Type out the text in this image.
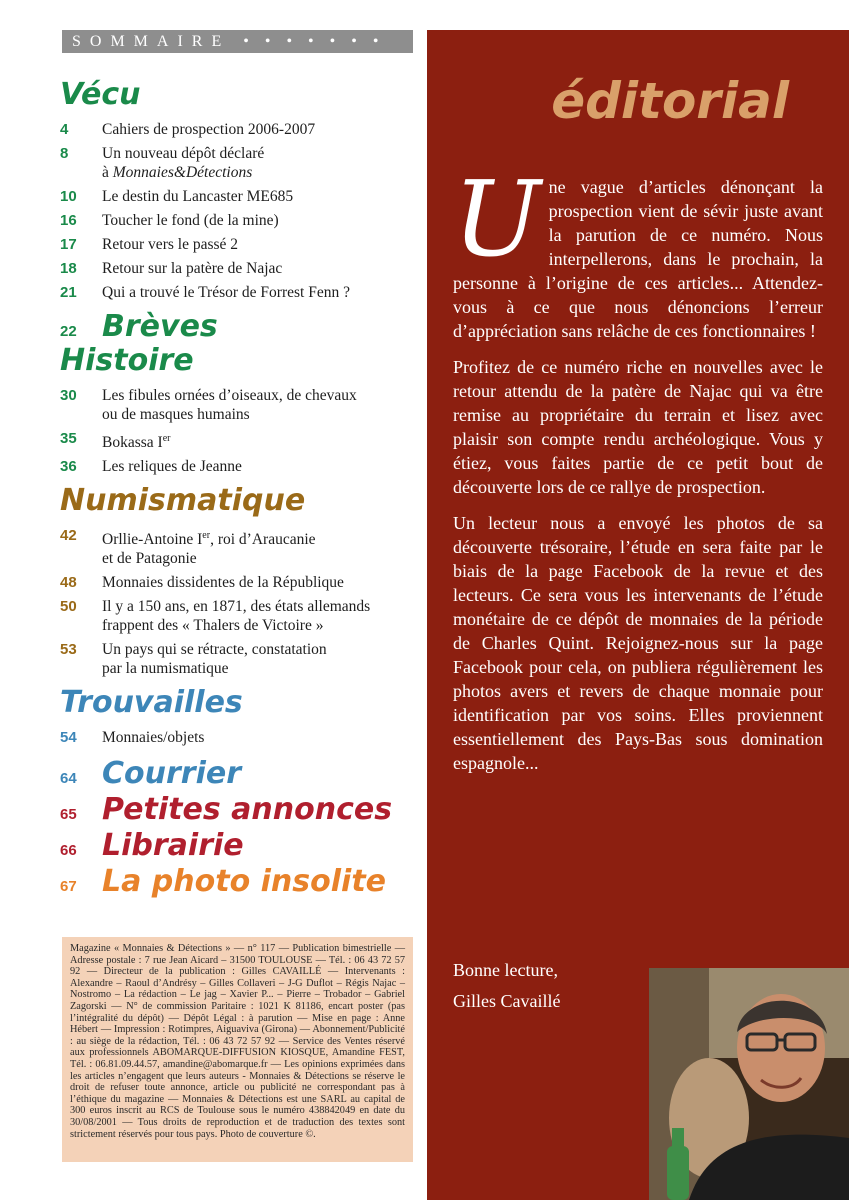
SOMMAIRE • • • • • • •
Vécu
4	Cahiers de prospection 2006-2007
8	Un nouveau dépôt déclaré
à Monnaies&Détections
10	Le destin du Lancaster ME685
16	Toucher le fond (de la mine)
17	Retour vers le passé 2
18	Retour sur la patère de Najac
21	Qui a trouvé le Trésor de Forrest Fenn ?
22 Brèves
Histoire
30	Les fibules ornées d’oiseaux, de chevaux
ou de masques humains
35	Bokassa Ier
36	Les reliques de Jeanne
Numismatique
42	Orllie-Antoine Ier, roi d’Araucanie
et de Patagonie
48	Monnaies dissidentes de la République
50	Il y a 150 ans, en 1871, des états allemands
frappent des « Thalers de Victoire »
53	Un pays qui se rétracte, constatation
par la numismatique
Trouvailles
54	Monnaies/objets
64 Courrier
65 Petites annonces
66 Librairie
67 La photo insolite
Magazine « Monnaies & Détections » — n° 117 — Publication bimestrielle — Adresse postale : 7 rue Jean Aicard – 31500 TOULOUSE — Tél. : 06 43 72 57 92 — Directeur de la publication : Gilles CAVAILLÉ — Intervenants : Alexandre – Raoul d’Andrésy – Gilles Collaveri – J-G Duflot – Régis Najac – Nostromo – La rédaction – Le jag – Xavier P... – Pierre – Trobador – Gabriel Zagorski — N° de commission Paritaire : 1021 K 81186, encart poster (pas l’intégralité du dépôt) — Dépôt Légal : à parution — Mise en page : Anne Hébert — Impression : Rotimpres, Aiguaviva (Girona) — Abonnement/Publicité : au siège de la rédaction, Tél. : 06 43 72 57 92 — Service des Ventes réservé aux professionnels ABOMARQUE-DIFFUSION KIOSQUE, Amandine FEST, Tél. : 06.81.09.44.57, amandine@abomarque.fr — Les opinions exprimées dans les articles n’engagent que leurs auteurs - Monnaies & Détections se réserve le droit de refuser toute annonce, article ou publicité ne correspondant pas à l’éthique du magazine — Monnaies & Détections est une SARL au capital de 300 euros inscrit au RCS de Toulouse sous le numéro 438842049 en date du 30/08/2001 — Tous droits de reproduction et de traduction des textes sont strictement réservés pour tous pays. Photo de couverture ©.
éditorial

Une vague d’articles dénonçant la prospection vient de sévir juste avant la parution de ce numéro. Nous interpellerons, dans le prochain, la personne à l’origine de ces articles... Attendez-vous à ce que nous dénoncions l’erreur d’appréciation sans relâche de ces fonctionnaires !

Profitez de ce numéro riche en nouvelles avec le retour attendu de la patère de Najac qui va être remise au propriétaire du terrain et lisez avec plaisir son compte rendu archéologique. Vous y étiez, vous faites partie de ce petit bout de découverte lors de ce rallye de prospection.

Un lecteur nous a envoyé les photos de sa découverte trésoraire, l’étude en sera faite par le biais de la page Facebook de la revue et des lecteurs. Ce sera vous les intervenants de l’étude monétaire de ce dépôt de monnaies de la période de Charles Quint. Rejoignez-nous sur la page Facebook pour cela, on publiera régulièrement les photos avers et revers de chaque monnaie pour identification par vos soins. Elles proviennent essentiellement des Pays-Bas sous domination espagnole...

Bonne lecture,
Gilles Cavaillé
